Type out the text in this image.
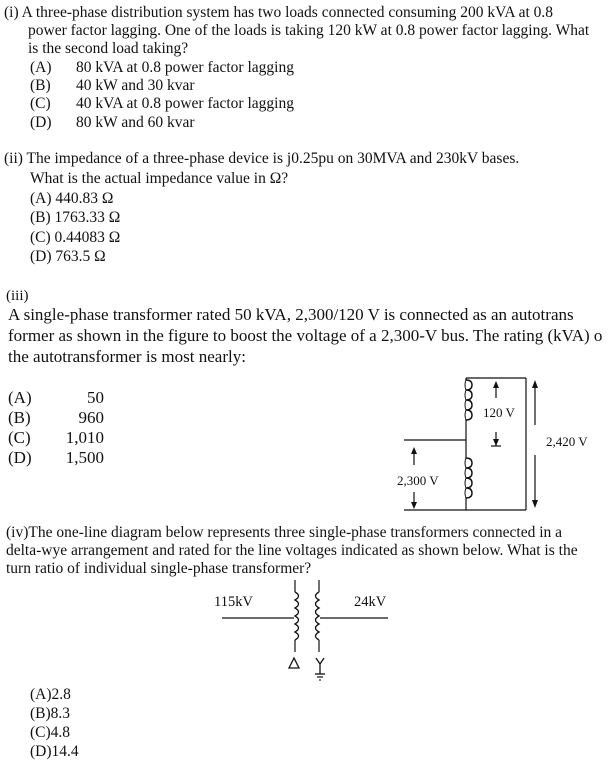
(i) A three-phase distribution system has two loads connected consuming 200 kVA at 0.8
power factor lagging. One of the loads is taking 120 kW at 0.8 power factor lagging. What
is the second load taking?
(A) 80 kVA at 0.8 power factor lagging
(B) 40 kW and 30 kvar
(C) 40 kVA at 0.8 power factor lagging
(D) 80 kW and 60 kvar
(ii) The impedance of a three-phase device is j0.25pu on 30MVA and 230kV bases.
What is the actual impedance value in Ω?
(A) 440.83 Ω
(B) 1763.33 Ω
(C) 0.44083 Ω
(D) 763.5 Ω
(iii)
A single-phase transformer rated 50 kVA, 2,300/120 V is connected as an autotrans
former as shown in the figure to boost the voltage of a 2,300-V bus. The rating (kVA) o
the autotransformer is most nearly:
(A)	50
(B)	960
(C) 1,010
(D) 1,500
120 V
2,420 V
2,300 V
(iv)The one-line diagram below represents three single-phase transformers connected in a
delta-wye arrangement and rated for the line voltages indicated as shown below. What is the
turn ratio of individual single-phase transformer?
115kV	24kV
(A)2.8
(B)8.3
(C)4.8
(D)14.4
